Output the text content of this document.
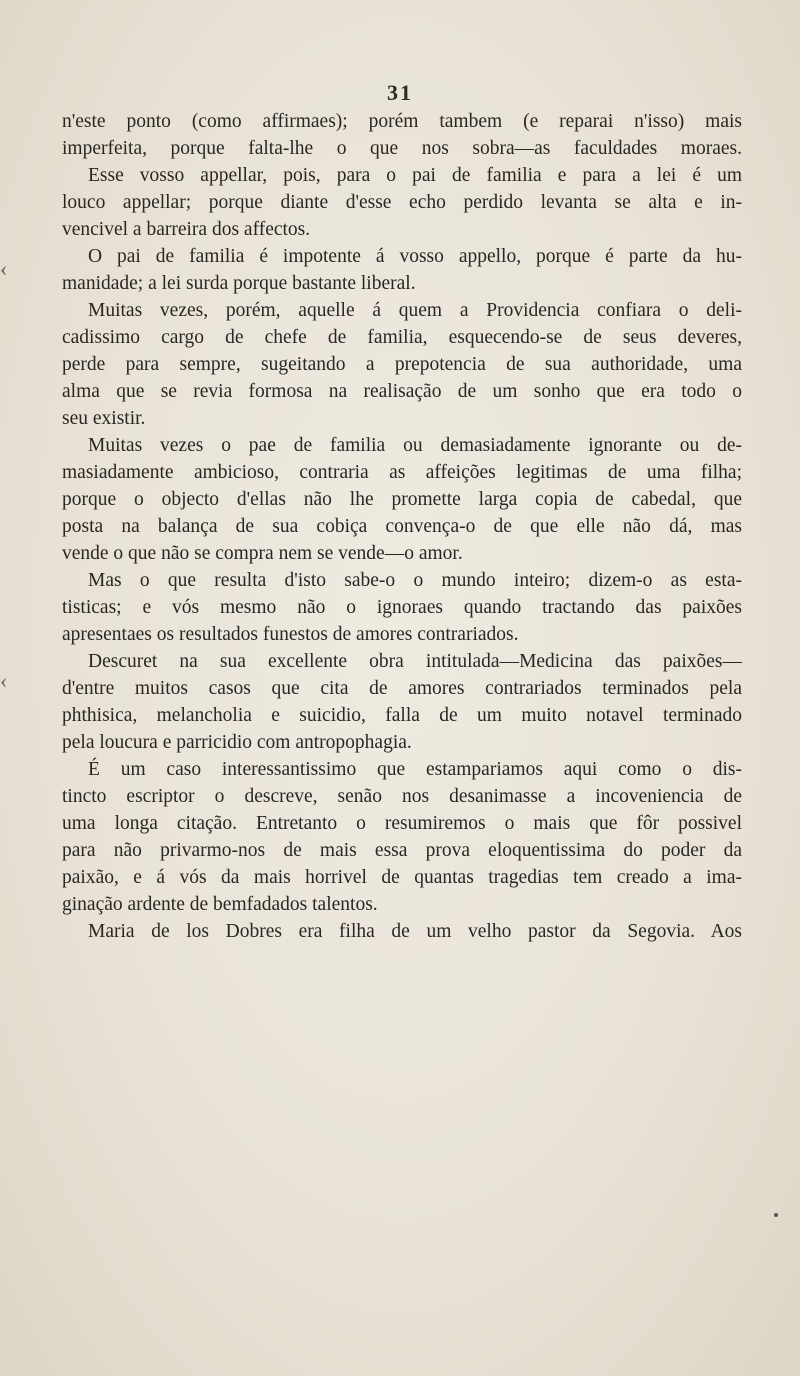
31
‹
‹
n'este ponto (como affirmaes); porém tambem (e reparai n'isso) mais
imperfeita, porque falta-lhe o que nos sobra—as faculdades moraes.
Esse vosso appellar, pois, para o pai de familia e para a lei é um
louco appellar; porque diante d'esse echo perdido levanta se alta e in-
vencivel a barreira dos affectos.
O pai de familia é impotente á vosso appello, porque é parte da hu-
manidade; a lei surda porque bastante liberal.
Muitas vezes, porém, aquelle á quem a Providencia confiara o deli-
cadissimo cargo de chefe de familia, esquecendo-se de seus deveres,
perde para sempre, sugeitando a prepotencia de sua authoridade, uma
alma que se revia formosa na realisação de um sonho que era todo o
seu existir.
Muitas vezes o pae de familia ou demasiadamente ignorante ou de-
masiadamente ambicioso, contraria as affeições legitimas de uma filha;
porque o objecto d'ellas não lhe promette larga copia de cabedal, que
posta na balança de sua cobiça convença-o de que elle não dá, mas
vende o que não se compra nem se vende—o amor.
Mas o que resulta d'isto sabe-o o mundo inteiro; dizem-o as esta-
tisticas; e vós mesmo não o ignoraes quando tractando das paixões
apresentaes os resultados funestos de amores contrariados.
Descuret na sua excellente obra intitulada—Medicina das paixões—
d'entre muitos casos que cita de amores contrariados terminados pela
phthisica, melancholia e suicidio, falla de um muito notavel terminado
pela loucura e parricidio com antropophagia.
É um caso interessantissimo que estampariamos aqui como o dis-
tincto escriptor o descreve, senão nos desanimasse a incoveniencia de
uma longa citação. Entretanto o resumiremos o mais que fôr possivel
para não privarmo-nos de mais essa prova eloquentissima do poder da
paixão, e á vós da mais horrivel de quantas tragedias tem creado a ima-
ginação ardente de bemfadados talentos.
Maria de los Dobres era filha de um velho pastor da Segovia. Aos
